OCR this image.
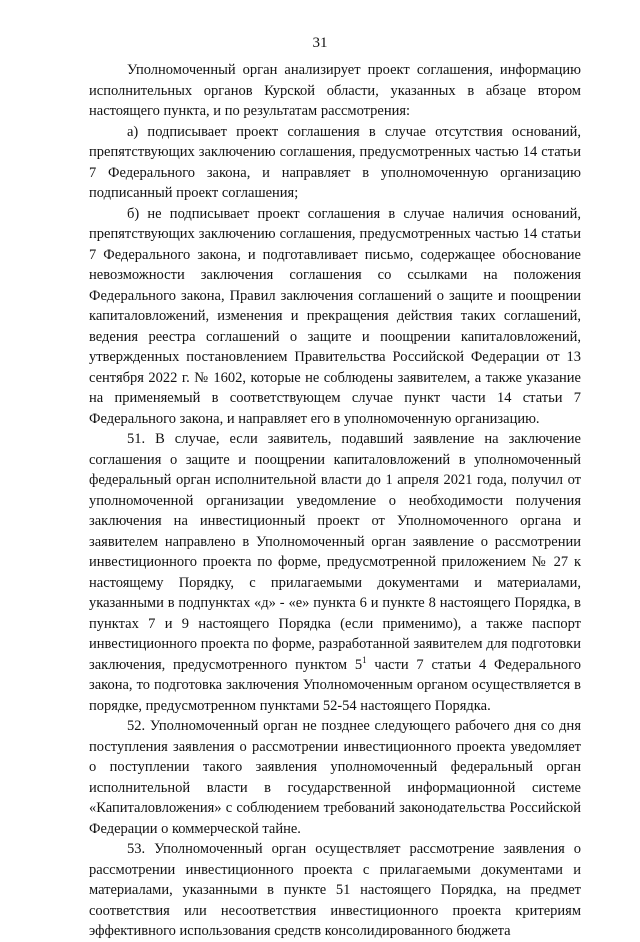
31

Уполномоченный орган анализирует проект соглашения, информацию исполнительных органов Курской области, указанных в абзаце втором настоящего пункта, и по результатам рассмотрения:

а) подписывает проект соглашения в случае отсутствия оснований, препятствующих заключению соглашения, предусмотренных частью 14 статьи 7 Федерального закона, и направляет в уполномоченную организацию подписанный проект соглашения;

б) не подписывает проект соглашения в случае наличия оснований, препятствующих заключению соглашения, предусмотренных частью 14 статьи 7 Федерального закона, и подготавливает письмо, содержащее обоснование невозможности заключения соглашения со ссылками на положения Федерального закона, Правил заключения соглашений о защите и поощрении капиталовложений, изменения и прекращения действия таких соглашений, ведения реестра соглашений о защите и поощрении капиталовложений, утвержденных постановлением Правительства Российской Федерации от 13 сентября 2022 г. № 1602, которые не соблюдены заявителем, а также указание на применяемый в соответствующем случае пункт части 14 статьи 7 Федерального закона, и направляет его в уполномоченную организацию.

51. В случае, если заявитель, подавший заявление на заключение соглашения о защите и поощрении капиталовложений в уполномоченный федеральный орган исполнительной власти до 1 апреля 2021 года, получил от уполномоченной организации уведомление о необходимости получения заключения на инвестиционный проект от Уполномоченного органа и заявителем направлено в Уполномоченный орган заявление о рассмотрении инвестиционного проекта по форме, предусмотренной приложением № 27 к настоящему Порядку, с прилагаемыми документами и материалами, указанными в подпунктах «д» - «е» пункта 6 и пункте 8 настоящего Порядка, в пунктах 7 и 9 настоящего Порядка (если применимо), а также паспорт инвестиционного проекта по форме, разработанной заявителем для подготовки заключения, предусмотренного пунктом $5^1$ части 7 статьи 4 Федерального закона, то подготовка заключения Уполномоченным органом осуществляется в порядке, предусмотренном пунктами 52-54 настоящего Порядка.

52. Уполномоченный орган не позднее следующего рабочего дня со дня поступления заявления о рассмотрении инвестиционного проекта уведомляет о поступлении такого заявления уполномоченный федеральный орган исполнительной власти в государственной информационной системе «Капиталовложения» с соблюдением требований законодательства Российской Федерации о коммерческой тайне.

53. Уполномоченный орган осуществляет рассмотрение заявления о рассмотрении инвестиционного проекта с прилагаемыми документами и материалами, указанными в пункте 51 настоящего Порядка, на предмет соответствия или несоответствия инвестиционного проекта критериям эффективного использования средств консолидированного бюджета
